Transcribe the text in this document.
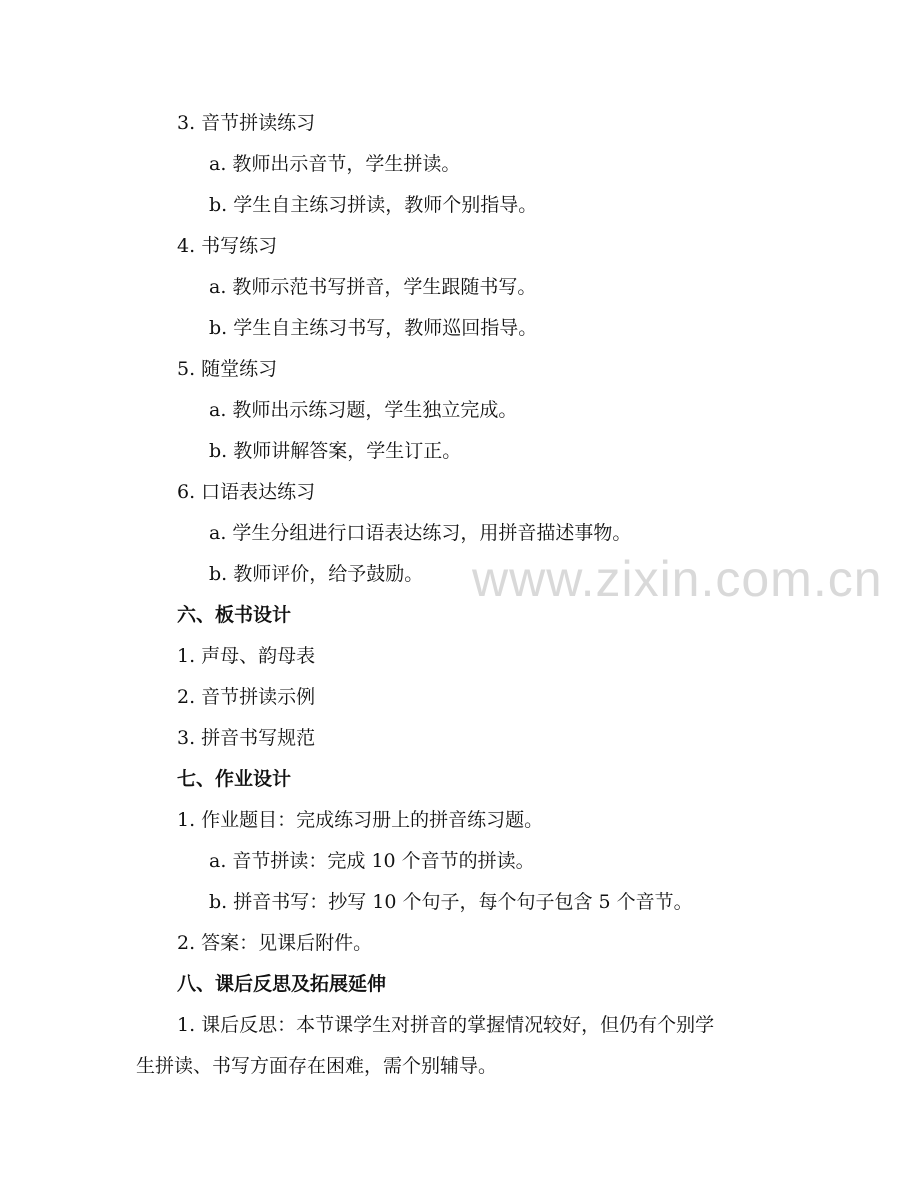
3. 音节拼读练习

a. 教师出示音节，学生拼读。

b. 学生自主练习拼读，教师个别指导。

4. 书写练习

a. 教师示范书写拼音，学生跟随书写。

b. 学生自主练习书写，教师巡回指导。

5. 随堂练习

a. 教师出示练习题，学生独立完成。

b. 教师讲解答案，学生订正。

6. 口语表达练习

a. 学生分组进行口语表达练习，用拼音描述事物。

b. 教师评价，给予鼓励。 www.zixin.com.cn

六、板书设计

1. 声母、韵母表

2. 音节拼读示例

3. 拼音书写规范

七、作业设计

1. 作业题目：完成练习册上的拼音练习题。

a. 音节拼读：完成 10 个音节的拼读。

b. 拼音书写：抄写 10 个句子，每个句子包含 5 个音节。

2. 答案：见课后附件。

八、课后反思及拓展延伸

1. 课后反思：本节课学生对拼音的掌握情况较好，但仍有个别学

生拼读、书写方面存在困难，需个别辅导。
